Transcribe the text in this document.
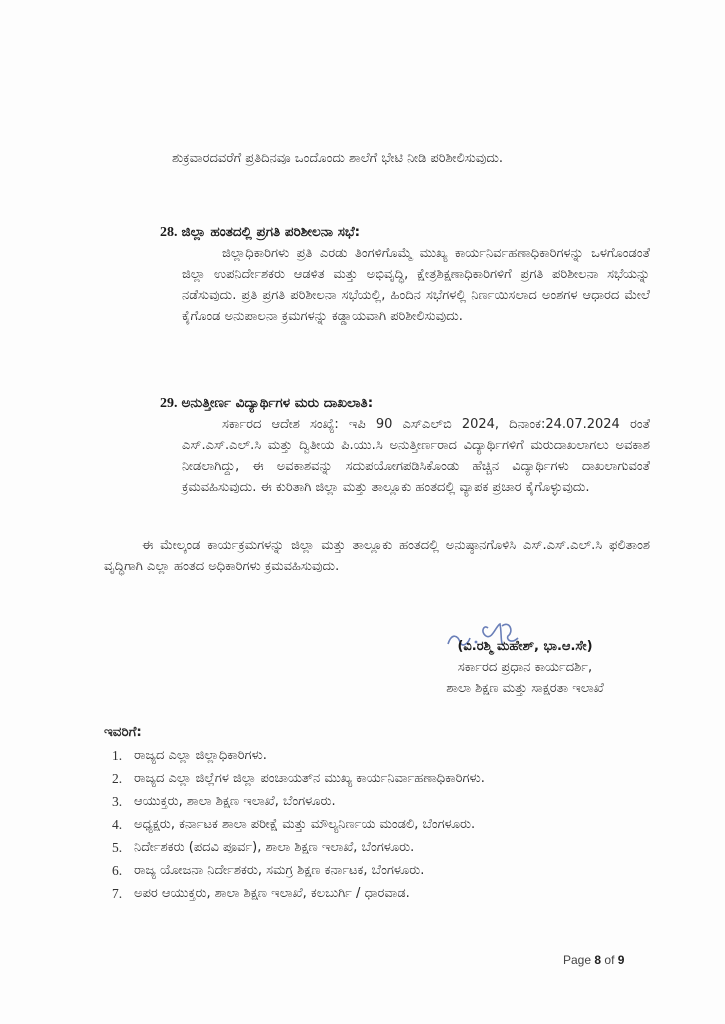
ಶುಕ್ರವಾರದವರೆಗೆ ಪ್ರತಿದಿನವೂ ಒಂದೊಂದು ಶಾಲೆಗೆ ಭೇಟಿ ನೀಡಿ ಪರಿಶೀಲಿಸುವುದು.
28. ಜಿಲ್ಲಾ ಹಂತದಲ್ಲಿ ಪ್ರಗತಿ ಪರಿಶೀಲನಾ ಸಭೆ:
ಜಿಲ್ಲಾಧಿಕಾರಿಗಳು ಪ್ರತಿ ಎರಡು ತಿಂಗಳಿಗೊಮ್ಮೆ ಮುಖ್ಯ ಕಾರ್ಯನಿರ್ವಹಣಾಧಿಕಾರಿಗಳನ್ನು ಒಳಗೊಂಡಂತೆ ಜಿಲ್ಲಾ ಉಪನಿರ್ದೇಶಕರು ಆಡಳಿತ ಮತ್ತು ಅಭಿವೃದ್ಧಿ, ಕ್ಷೇತ್ರಶಿಕ್ಷಣಾಧಿಕಾರಿಗಳಿಗೆ ಪ್ರಗತಿ ಪರಿಶೀಲನಾ ಸಭೆಯನ್ನು ನಡೆಸುವುದು. ಪ್ರತಿ ಪ್ರಗತಿ ಪರಿಶೀಲನಾ ಸಭೆಯಲ್ಲಿ, ಹಿಂದಿನ ಸಭೆಗಳಲ್ಲಿ ನಿರ್ಣಯಿಸಲಾದ ಅಂಶಗಳ ಆಧಾರದ ಮೇಲೆ ಕೈಗೊಂಡ ಅನುಪಾಲನಾ ಕ್ರಮಗಳನ್ನು ಕಡ್ಡಾಯವಾಗಿ ಪರಿಶೀಲಿಸುವುದು.
29. ಅನುತ್ತೀರ್ಣ ವಿದ್ಯಾರ್ಥಿಗಳ ಮರು ದಾಖಲಾತಿ:
ಸರ್ಕಾರದ ಆದೇಶ ಸಂಖ್ಯೆ: ಇಪಿ 90 ಎಸ್‌ಎಲ್‌ಬಿ 2024, ದಿನಾಂಕ:24.07.2024 ರಂತೆ ಎಸ್.ಎಸ್.ಎಲ್.ಸಿ ಮತ್ತು ದ್ವಿತೀಯ ಪಿ.ಯು.ಸಿ ಅನುತ್ತೀರ್ಣರಾದ ವಿದ್ಯಾರ್ಥಿಗಳಿಗೆ ಮರುದಾಖಲಾಗಲು ಅವಕಾಶ ನೀಡಲಾಗಿದ್ದು, ಈ ಅವಕಾಶವನ್ನು ಸದುಪಯೋಗಪಡಿಸಿಕೊಂಡು ಹೆಚ್ಚಿನ ವಿದ್ಯಾರ್ಥಿಗಳು ದಾಖಲಾಗುವಂತೆ ಕ್ರಮವಹಿಸುವುದು. ಈ ಕುರಿತಾಗಿ ಜಿಲ್ಲಾ ಮತ್ತು ತಾಲ್ಲೂಕು ಹಂತದಲ್ಲಿ ವ್ಯಾಪಕ ಪ್ರಚಾರ ಕೈಗೊಳ್ಳುವುದು.
ಈ ಮೇಲ್ಕಂಡ ಕಾರ್ಯಕ್ರಮಗಳನ್ನು ಜಿಲ್ಲಾ ಮತ್ತು ತಾಲ್ಲೂಕು ಹಂತದಲ್ಲಿ ಅನುಷ್ಠಾನಗೊಳಿಸಿ ಎಸ್.ಎಸ್.ಎಲ್.ಸಿ ಫಲಿತಾಂಶ ವೃದ್ಧಿಗಾಗಿ ಎಲ್ಲಾ ಹಂತದ ಅಧಿಕಾರಿಗಳು ಕ್ರಮವಹಿಸುವುದು.
(ವಿ.ರಶ್ಮಿ ಮಹೇಶ್, ಭಾ.ಆ.ಸೇ)
ಸರ್ಕಾರದ ಪ್ರಧಾನ ಕಾರ್ಯದರ್ಶಿ,
ಶಾಲಾ ಶಿಕ್ಷಣ ಮತ್ತು ಸಾಕ್ಷರತಾ ಇಲಾಖೆ
ಇವರಿಗೆ:
1. ರಾಜ್ಯದ ಎಲ್ಲಾ ಜಿಲ್ಲಾಧಿಕಾರಿಗಳು.
2. ರಾಜ್ಯದ ಎಲ್ಲಾ ಜಿಲ್ಲೆಗಳ ಜಿಲ್ಲಾ ಪಂಚಾಯತ್‌ನ ಮುಖ್ಯ ಕಾರ್ಯನಿರ್ವಾಹಣಾಧಿಕಾರಿಗಳು.
3. ಆಯುಕ್ತರು, ಶಾಲಾ ಶಿಕ್ಷಣ ಇಲಾಖೆ, ಬೆಂಗಳೂರು.
4. ಅಧ್ಯಕ್ಷರು, ಕರ್ನಾಟಕ ಶಾಲಾ ಪರೀಕ್ಷೆ ಮತ್ತು ಮೌಲ್ಯನಿರ್ಣಯ ಮಂಡಲಿ, ಬೆಂಗಳೂರು.
5. ನಿರ್ದೇಶಕರು (ಪದವಿ ಪೂರ್ವ), ಶಾಲಾ ಶಿಕ್ಷಣ ಇಲಾಖೆ, ಬೆಂಗಳೂರು.
6. ರಾಜ್ಯ ಯೋಜನಾ ನಿರ್ದೇಶಕರು, ಸಮಗ್ರ ಶಿಕ್ಷಣ ಕರ್ನಾಟಕ, ಬೆಂಗಳೂರು.
7. ಅಪರ ಆಯುಕ್ತರು, ಶಾಲಾ ಶಿಕ್ಷಣ ಇಲಾಖೆ, ಕಲಬುರ್ಗಿ / ಧಾರವಾಡ.
Page 8 of 9
